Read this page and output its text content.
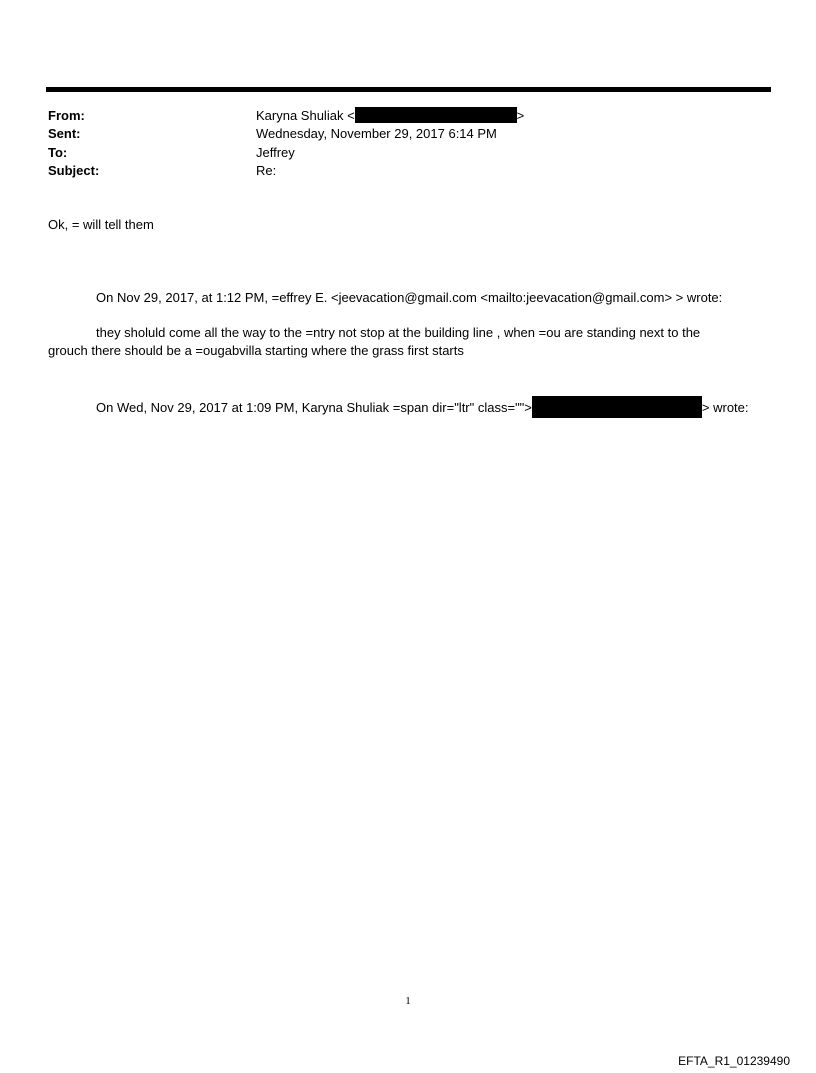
From:	Karyna Shuliak <	>
Sent:	Wednesday, November 29, 2017 6:14 PM
To:	Jeffrey
Subject:	Re:
Ok, = will tell them
On Nov 29, 2017, at 1:12 PM, =effrey E. <jeevacation@gmail.com <mailto:jeevacation@gmail.com> > wrote:
they sholuld come all the way to the =ntry not stop at the building line , when =ou are standing next to the
grouch there should be a =ougabvilla starting where the grass first starts
On Wed, Nov 29, 2017 at 1:09 PM, Karyna Shuliak =span dir="ltr" class="">	> wrote:
1
EFTA_R1_01239490
